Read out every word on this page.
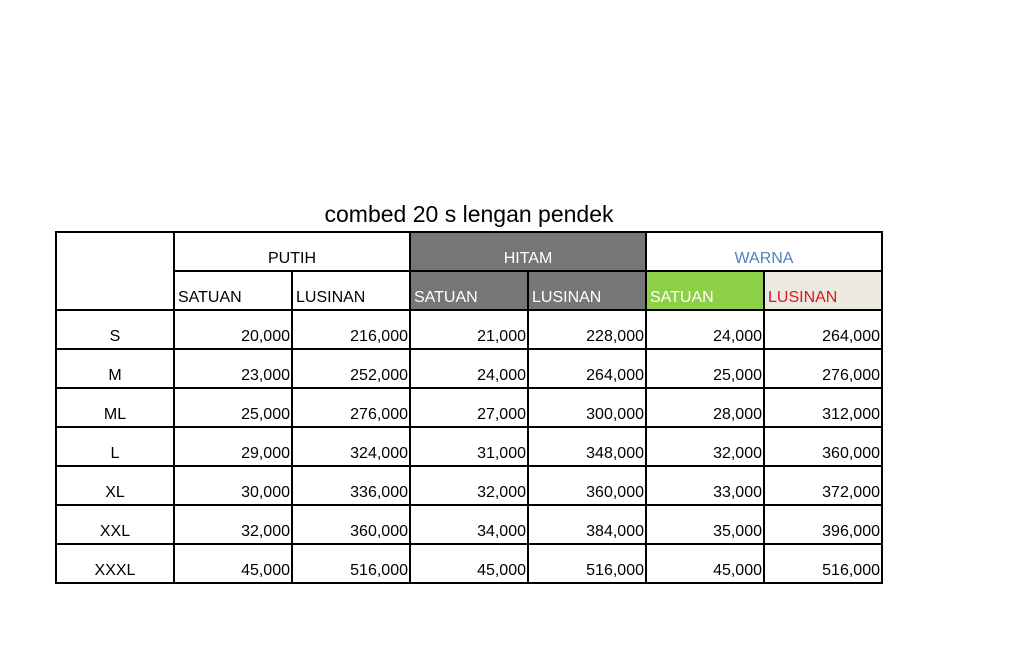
combed 20 s lengan pendek
	PUTIH		HITAM		WARNA	
	SATUAN	LUSINAN	SATUAN	LUSINAN	SATUAN	LUSINAN
S	20,000	216,000	21,000	228,000	24,000	264,000
M	23,000	252,000	24,000	264,000	25,000	276,000
ML	25,000	276,000	27,000	300,000	28,000	312,000
L	29,000	324,000	31,000	348,000	32,000	360,000
XL	30,000	336,000	32,000	360,000	33,000	372,000
XXL	32,000	360,000	34,000	384,000	35,000	396,000
XXXL	45,000	516,000	45,000	516,000	45,000	516,000
